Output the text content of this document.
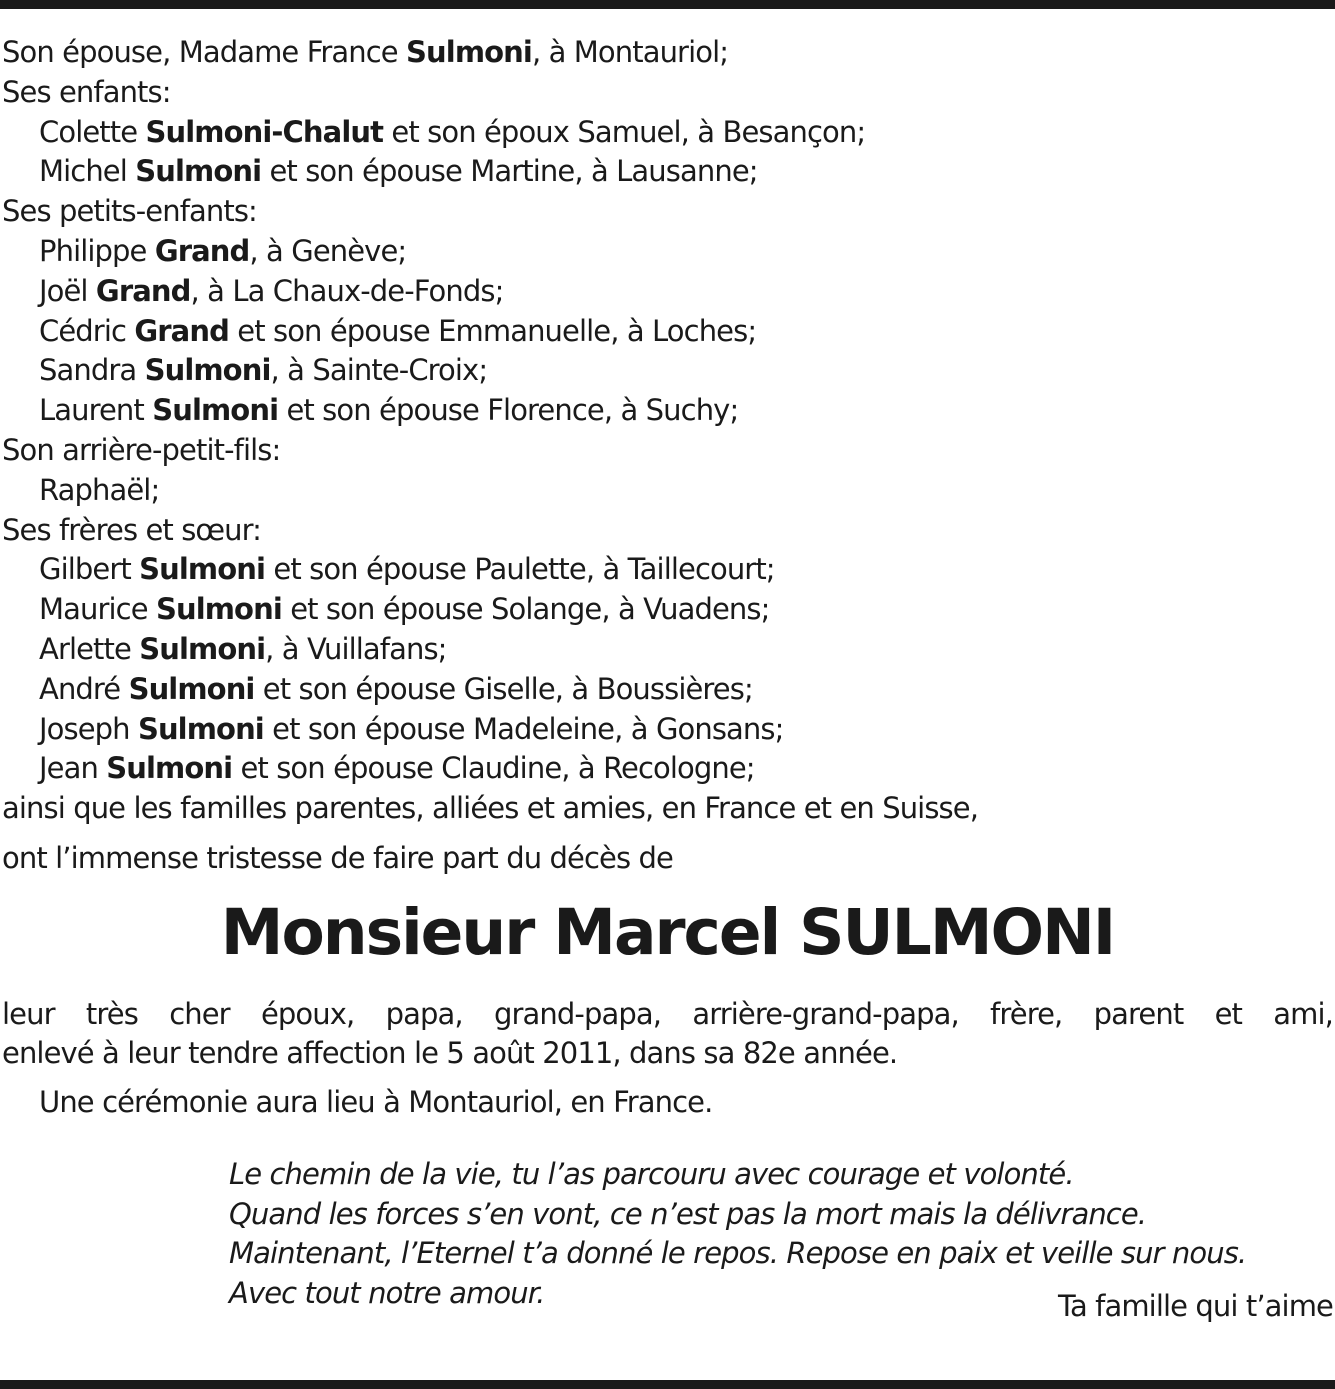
Son épouse, Madame France Sulmoni, à Montauriol;
Ses enfants:
Colette Sulmoni-Chalut et son époux Samuel, à Besançon;
Michel Sulmoni et son épouse Martine, à Lausanne;
Ses petits-enfants:
Philippe Grand, à Genève;
Joël Grand, à La Chaux-de-Fonds;
Cédric Grand et son épouse Emmanuelle, à Loches;
Sandra Sulmoni, à Sainte-Croix;
Laurent Sulmoni et son épouse Florence, à Suchy;
Son arrière-petit-fils:
Raphaël;
Ses frères et sœur:
Gilbert Sulmoni et son épouse Paulette, à Taillecourt;
Maurice Sulmoni et son épouse Solange, à Vuadens;
Arlette Sulmoni, à Vuillafans;
André Sulmoni et son épouse Giselle, à Boussières;
Joseph Sulmoni et son épouse Madeleine, à Gonsans;
Jean Sulmoni et son épouse Claudine, à Recologne;
ainsi que les familles parentes, alliées et amies, en France et en Suisse,
ont l’immense tristesse de faire part du décès de
Monsieur Marcel SULMONI
leur très cher époux, papa, grand-papa, arrière-grand-papa, frère, parent et ami,
enlevé à leur tendre affection le 5 août 2011, dans sa 82e année.
Une cérémonie aura lieu à Montauriol, en France.
Le chemin de la vie, tu l’as parcouru avec courage et volonté.
Quand les forces s’en vont, ce n’est pas la mort mais la délivrance.
Maintenant, l’Eternel t’a donné le repos. Repose en paix et veille sur nous.
Avec tout notre amour.	Ta famille qui t’aime
